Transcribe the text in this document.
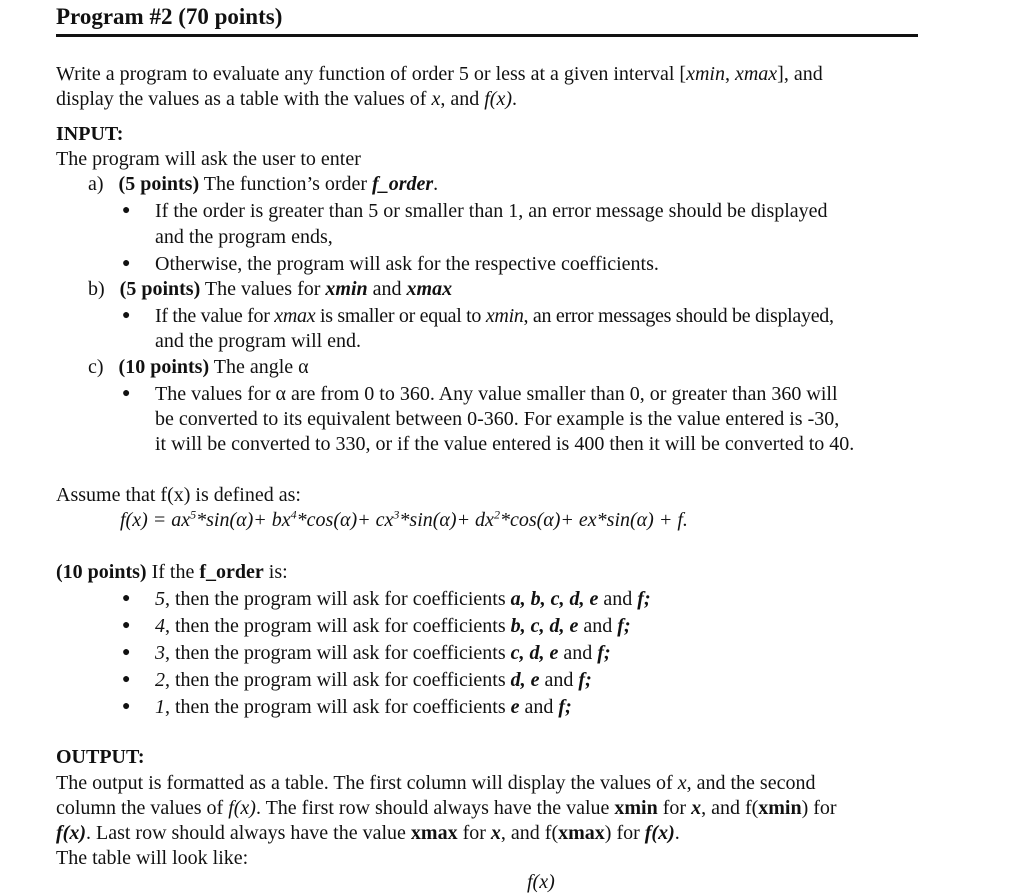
Program #2 (70 points)
Write a program to evaluate any function of order 5 or less at a given interval [xmin, xmax], and
display the values as a table with the values of x, and f(x).
INPUT:
The program will ask the user to enter
a) (5 points) The function’s order f_order.
● If the order is greater than 5 or smaller than 1, an error message should be displayed
and the program ends,
● Otherwise, the program will ask for the respective coefficients.
b) (5 points) The values for xmin and xmax
● If the value for xmax is smaller or equal to xmin, an error messages should be displayed,
and the program will end.
c) (10 points) The angle α
● The values for α are from 0 to 360. Any value smaller than 0, or greater than 360 will
be converted to its equivalent between 0-360. For example is the value entered is -30,
it will be converted to 330, or if the value entered is 400 then it will be converted to 40.
Assume that f(x) is defined as:
$f(x) = ax^5*\sin(\alpha)+ bx^4*\cos(\alpha)+ cx^3*\sin(\alpha)+ dx^2*\cos(\alpha)+ ex*\sin(\alpha) + f$.
(10 points) If the f_order is:
● 5, then the program will ask for coefficients a, b, c, d, e and f;
● 4, then the program will ask for coefficients b, c, d, e and f;
● 3, then the program will ask for coefficients c, d, e and f;
● 2, then the program will ask for coefficients d, e and f;
● 1, then the program will ask for coefficients e and f;
OUTPUT:
The output is formatted as a table. The first column will display the values of x, and the second
column the values of f(x). The first row should always have the value xmin for x, and f(xmin) for
f(x). Last row should always have the value xmax for x, and f(xmax) for f(x).
The table will look like:
f(x)
